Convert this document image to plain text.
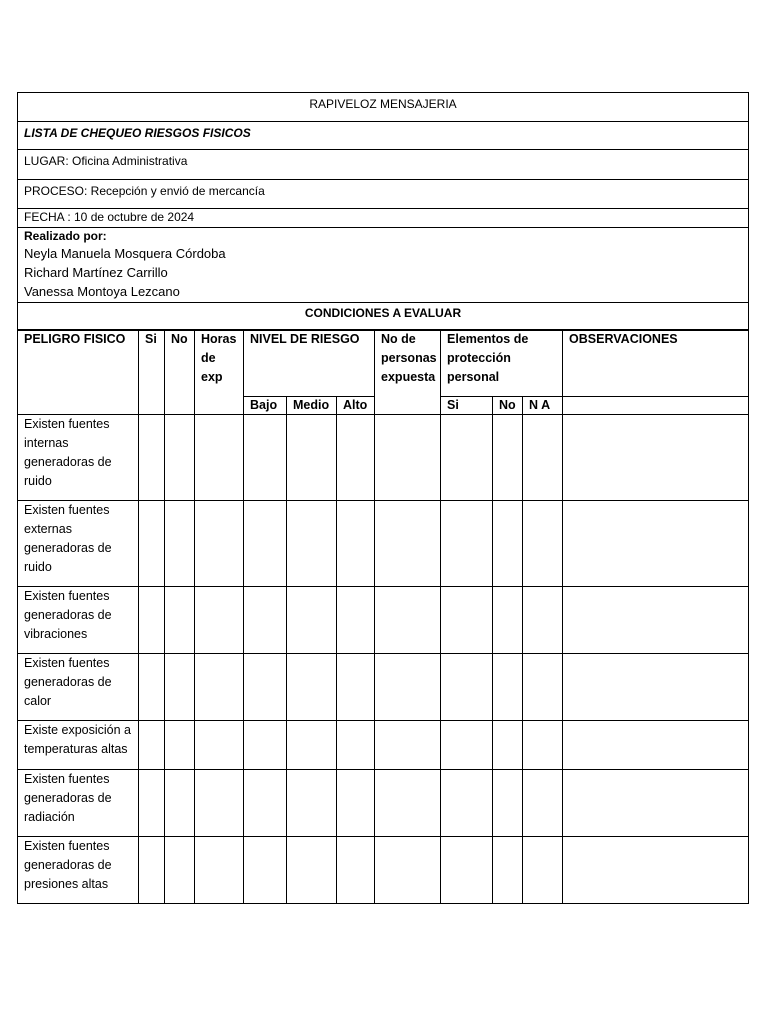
RAPIVELOZ MENSAJERIA
LISTA DE CHEQUEO RIESGOS FISICOS
LUGAR: Oficina Administrativa
PROCESO: Recepción y envió de mercancía
FECHA : 10 de octubre de 2024

Realizado por:
Neyla Manuela Mosquera Córdoba
Richard Martínez Carrillo
Vanessa Montoya Lezcano

CONDICIONES A EVALUAR
PELIGRO FISICO	Si	No	Horas de exp	NIVEL DE RIESGO			No de personas expuesta	Elementos de protección personal			OBSERVACIONES
				Bajo	Medio	Alto		Si	No	N A	
Existen fuentes internas generadoras de ruido											
Existen fuentes externas generadoras de ruido											
Existen fuentes generadoras de vibraciones											
Existen fuentes generadoras de calor											
Existe exposición a temperaturas altas											
Existen fuentes generadoras de radiación											
Existen fuentes generadoras de presiones altas											
